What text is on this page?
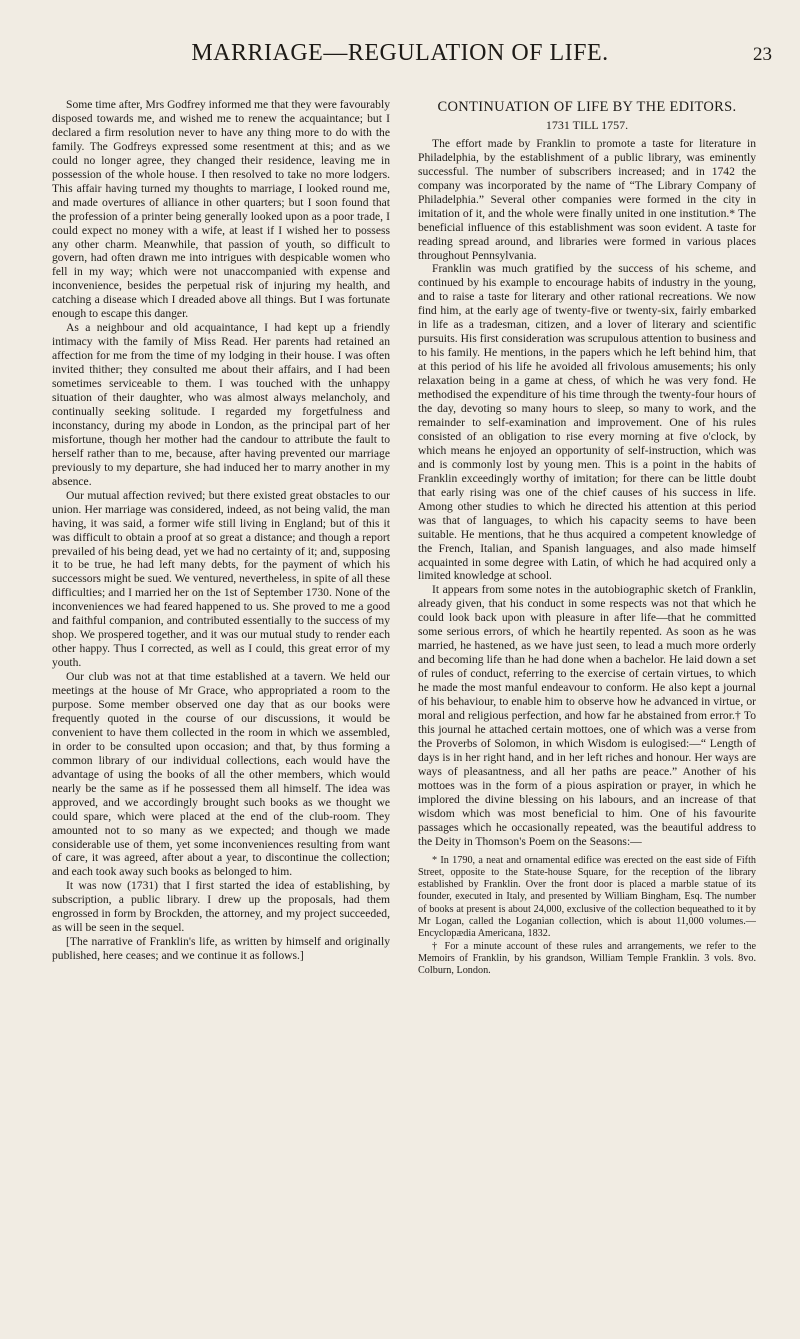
MARRIAGE—REGULATION OF LIFE.	23

Some time after, Mrs Godfrey informed me that they were favourably disposed towards me, and wished me to renew the acquaintance; but I declared a firm resolution never to have any thing more to do with the family. The Godfreys expressed some resentment at this; and as we could no longer agree, they changed their residence, leaving me in possession of the whole house. I then resolved to take no more lodgers. This affair having turned my thoughts to marriage, I looked round me, and made overtures of alliance in other quarters; but I soon found that the profession of a printer being generally looked upon as a poor trade, I could expect no money with a wife, at least if I wished her to possess any other charm. Meanwhile, that passion of youth, so difficult to govern, had often drawn me into intrigues with despicable women who fell in my way; which were not unaccompanied with expense and inconvenience, besides the perpetual risk of injuring my health, and catching a disease which I dreaded above all things. But I was fortunate enough to escape this danger.

As a neighbour and old acquaintance, I had kept up a friendly intimacy with the family of Miss Read. Her parents had retained an affection for me from the time of my lodging in their house. I was often invited thither; they consulted me about their affairs, and I had been sometimes serviceable to them. I was touched with the unhappy situation of their daughter, who was almost always melancholy, and continually seeking solitude. I regarded my forgetfulness and inconstancy, during my abode in London, as the principal part of her misfortune, though her mother had the candour to attribute the fault to herself rather than to me, because, after having prevented our marriage previously to my departure, she had induced her to marry another in my absence.

Our mutual affection revived; but there existed great obstacles to our union. Her marriage was considered, indeed, as not being valid, the man having, it was said, a former wife still living in England; but of this it was difficult to obtain a proof at so great a distance; and though a report prevailed of his being dead, yet we had no certainty of it; and, supposing it to be true, he had left many debts, for the payment of which his successors might be sued. We ventured, nevertheless, in spite of all these difficulties; and I married her on the 1st of September 1730. None of the inconveniences we had feared happened to us. She proved to me a good and faithful companion, and contributed essentially to the success of my shop. We prospered together, and it was our mutual study to render each other happy. Thus I corrected, as well as I could, this great error of my youth.

Our club was not at that time established at a tavern. We held our meetings at the house of Mr Grace, who appropriated a room to the purpose. Some member observed one day that as our books were frequently quoted in the course of our discussions, it would be convenient to have them collected in the room in which we assembled, in order to be consulted upon occasion; and that, by thus forming a common library of our individual collections, each would have the advantage of using the books of all the other members, which would nearly be the same as if he possessed them all himself. The idea was approved, and we accordingly brought such books as we thought we could spare, which were placed at the end of the club-room. They amounted not to so many as we expected; and though we made considerable use of them, yet some inconveniences resulting from want of care, it was agreed, after about a year, to discontinue the collection; and each took away such books as belonged to him.

It was now (1731) that I first started the idea of establishing, by subscription, a public library. I drew up the proposals, had them engrossed in form by Brockden, the attorney, and my project succeeded, as will be seen in the sequel.

[The narrative of Franklin's life, as written by himself and originally published, here ceases; and we continue it as follows.]

CONTINUATION OF LIFE BY THE EDITORS.
1731 TILL 1757.

The effort made by Franklin to promote a taste for literature in Philadelphia, by the establishment of a public library, was eminently successful. The number of subscribers increased; and in 1742 the company was incorporated by the name of “The Library Company of Philadelphia.” Several other companies were formed in the city in imitation of it, and the whole were finally united in one institution.* The beneficial influence of this establishment was soon evident. A taste for reading spread around, and libraries were formed in various places throughout Pennsylvania.

Franklin was much gratified by the success of his scheme, and continued by his example to encourage habits of industry in the young, and to raise a taste for literary and other rational recreations. We now find him, at the early age of twenty-five or twenty-six, fairly embarked in life as a tradesman, citizen, and a lover of literary and scientific pursuits. His first consideration was scrupulous attention to business and to his family. He mentions, in the papers which he left behind him, that at this period of his life he avoided all frivolous amusements; his only relaxation being in a game at chess, of which he was very fond. He methodised the expenditure of his time through the twenty-four hours of the day, devoting so many hours to sleep, so many to work, and the remainder to self-examination and improvement. One of his rules consisted of an obligation to rise every morning at five o'clock, by which means he enjoyed an opportunity of self-instruction, which was and is commonly lost by young men. This is a point in the habits of Franklin exceedingly worthy of imitation; for there can be little doubt that early rising was one of the chief causes of his success in life. Among other studies to which he directed his attention at this period was that of languages, to which his capacity seems to have been suitable. He mentions, that he thus acquired a competent knowledge of the French, Italian, and Spanish languages, and also made himself acquainted in some degree with Latin, of which he had acquired only a limited knowledge at school.

It appears from some notes in the autobiographic sketch of Franklin, already given, that his conduct in some respects was not that which he could look back upon with pleasure in after life—that he committed some serious errors, of which he heartily repented. As soon as he was married, he hastened, as we have just seen, to lead a much more orderly and becoming life than he had done when a bachelor. He laid down a set of rules of conduct, referring to the exercise of certain virtues, to which he made the most manful endeavour to conform. He also kept a journal of his behaviour, to enable him to observe how he advanced in virtue, or moral and religious perfection, and how far he abstained from error.† To this journal he attached certain mottoes, one of which was a verse from the Proverbs of Solomon, in which Wisdom is eulogised:—“ Length of days is in her right hand, and in her left riches and honour. Her ways are ways of pleasantness, and all her paths are peace.” Another of his mottoes was in the form of a pious aspiration or prayer, in which he implored the divine blessing on his labours, and an increase of that wisdom which was most beneficial to him. One of his favourite passages which he occasionally repeated, was the beautiful address to the Deity in Thomson's Poem on the Seasons:—

* In 1790, a neat and ornamental edifice was erected on the east side of Fifth Street, opposite to the State-house Square, for the reception of the library established by Franklin. Over the front door is placed a marble statue of its founder, executed in Italy, and presented by William Bingham, Esq. The number of books at present is about 24,000, exclusive of the collection bequeathed to it by Mr Logan, called the Loganian collection, which is about 11,000 volumes.—Encyclopædia Americana, 1832.

† For a minute account of these rules and arrangements, we refer to the Memoirs of Franklin, by his grandson, William Temple Franklin. 3 vols. 8vo. Colburn, London.
